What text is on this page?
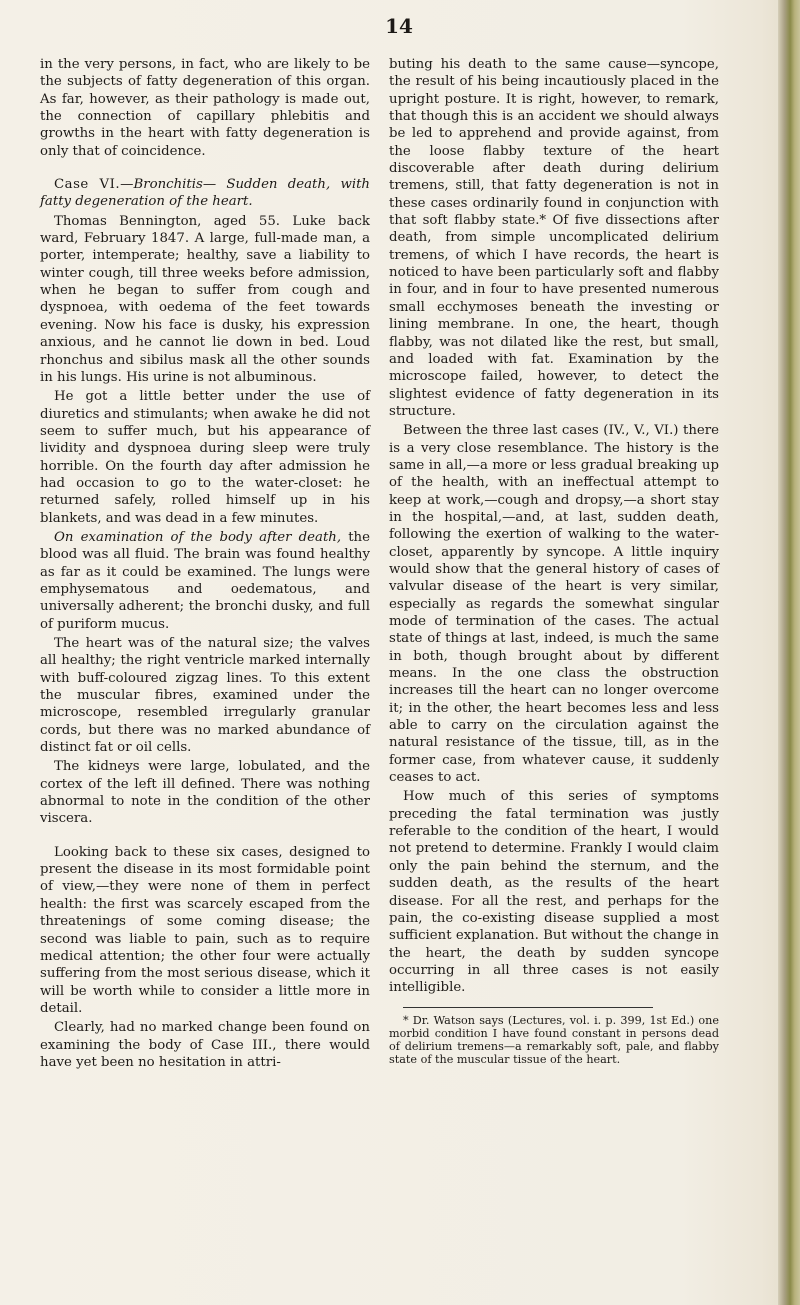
14

in the very persons, in fact, who are likely to be the subjects of fatty degeneration of this organ. As far, however, as their pathology is made out, the connection of capillary phlebitis and growths in the heart with fatty degeneration is only that of coincidence.

Case VI.—Bronchitis— Sudden death, with fatty degeneration of the heart.

Thomas Bennington, aged 55. Luke back ward, February 1847. A large, full-made man, a porter, intemperate; healthy, save a liability to winter cough, till three weeks before admission, when he began to suffer from cough and dyspnoea, with oedema of the feet towards evening. Now his face is dusky, his expression anxious, and he cannot lie down in bed. Loud rhonchus and sibilus mask all the other sounds in his lungs. His urine is not albuminous.

He got a little better under the use of diuretics and stimulants; when awake he did not seem to suffer much, but his appearance of lividity and dyspnoea during sleep were truly horrible. On the fourth day after admission he had occasion to go to the water-closet: he returned safely, rolled himself up in his blankets, and was dead in a few minutes.

On examination of the body after death, the blood was all fluid. The brain was found healthy as far as it could be examined. The lungs were emphysematous and oedematous, and universally adherent; the bronchi dusky, and full of puriform mucus.

The heart was of the natural size; the valves all healthy; the right ventricle marked internally with buff-coloured zigzag lines. To this extent the muscular fibres, examined under the microscope, resembled irregularly granular cords, but there was no marked abundance of distinct fat or oil cells.

The kidneys were large, lobulated, and the cortex of the left ill defined. There was nothing abnormal to note in the condition of the other viscera.

Looking back to these six cases, designed to present the disease in its most formidable point of view,—they were none of them in perfect health: the first was scarcely escaped from the threatenings of some coming disease; the second was liable to pain, such as to require medical attention; the other four were actually suffering from the most serious disease, which it will be worth while to consider a little more in detail.

Clearly, had no marked change been found on examining the body of Case III., there would have yet been no hesitation in attri-

buting his death to the same cause—syncope, the result of his being incautiously placed in the upright posture. It is right, however, to remark, that though this is an accident we should always be led to apprehend and provide against, from the loose flabby texture of the heart discoverable after death during delirium tremens, still, that fatty degeneration is not in these cases ordinarily found in conjunction with that soft flabby state.* Of five dissections after death, from simple uncomplicated delirium tremens, of which I have records, the heart is noticed to have been particularly soft and flabby in four, and in four to have presented numerous small ecchymoses beneath the investing or lining membrane. In one, the heart, though flabby, was not dilated like the rest, but small, and loaded with fat. Examination by the microscope failed, however, to detect the slightest evidence of fatty degeneration in its structure.

Between the three last cases (IV., V., VI.) there is a very close resemblance. The history is the same in all,—a more or less gradual breaking up of the health, with an ineffectual attempt to keep at work,—cough and dropsy,—a short stay in the hospital,—and, at last, sudden death, following the exertion of walking to the water-closet, apparently by syncope. A little inquiry would show that the general history of cases of valvular disease of the heart is very similar, especially as regards the somewhat singular mode of termination of the cases. The actual state of things at last, indeed, is much the same in both, though brought about by different means. In the one class the obstruction increases till the heart can no longer overcome it; in the other, the heart becomes less and less able to carry on the circulation against the natural resistance of the tissue, till, as in the former case, from whatever cause, it suddenly ceases to act.

How much of this series of symptoms preceding the fatal termination was justly referable to the condition of the heart, I would not pretend to determine. Frankly I would claim only the pain behind the sternum, and the sudden death, as the results of the heart disease. For all the rest, and perhaps for the pain, the co-existing disease supplied a most sufficient explanation. But without the change in the heart, the death by sudden syncope occurring in all three cases is not easily intelligible.

* Dr. Watson says (Lectures, vol. i. p. 399, 1st Ed.) one morbid condition I have found constant in persons dead of delirium tremens—a remarkably soft, pale, and flabby state of the muscular tissue of the heart.
